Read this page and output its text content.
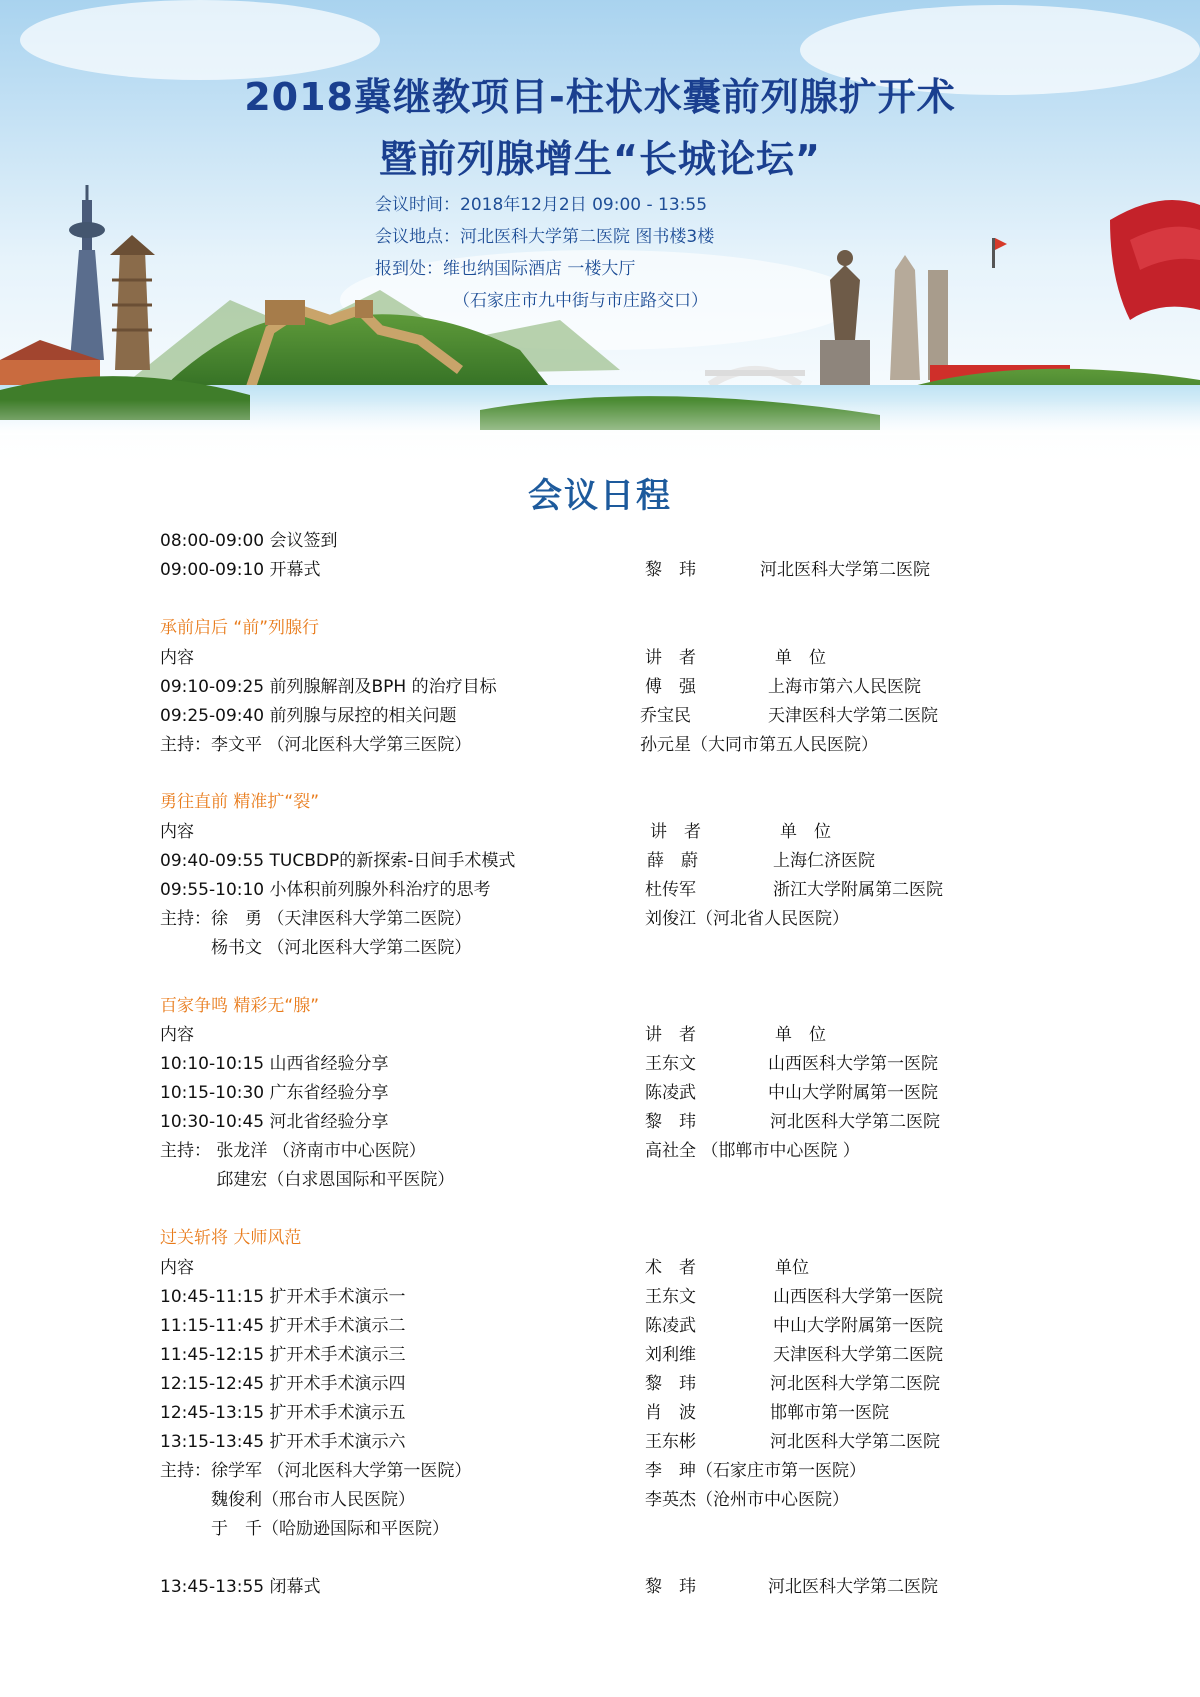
2018冀继教项目-柱状水囊前列腺扩开术
暨前列腺增生“长城论坛”
会议时间：2018年12月2日 09:00 - 13:55
会议地点：河北医科大学第二医院 图书楼3楼
报到处：维也纳国际酒店 一楼大厅
（石家庄市九中街与市庄路交口）
会议日程
08:00-09:00 会议签到
09:00-09:10 开幕式	黎　玮	河北医科大学第二医院
承前启后 “前”列腺行
内容	讲　者	单　位
09:10-09:25 前列腺解剖及BPH 的治疗目标	傅　强	上海市第六人民医院
09:25-09:40 前列腺与尿控的相关问题	乔宝民	天津医科大学第二医院
主持：李文平 （河北医科大学第三医院）	孙元星（大同市第五人民医院）
勇往直前 精准扩“裂”
内容	讲　者	单　位
09:40-09:55 TUCBDP的新探索-日间手术模式	薛　蔚	上海仁济医院
09:55-10:10 小体积前列腺外科治疗的思考	杜传军	浙江大学附属第二医院
主持：徐　勇 （天津医科大学第二医院）	刘俊江（河北省人民医院）
　　　杨书文 （河北医科大学第二医院）
百家争鸣 精彩无“腺”
内容	讲　者	单　位
10:10-10:15 山西省经验分享	王东文	山西医科大学第一医院
10:15-10:30 广东省经验分享	陈凌武	中山大学附属第一医院
10:30-10:45 河北省经验分享	黎　玮	河北医科大学第二医院
主持： 张龙洋 （济南市中心医院）	高社全 （邯郸市中心医院 ）
　　　 邱建宏（白求恩国际和平医院）
过关斩将 大师风范
内容	术　者	单位
10:45-11:15 扩开术手术演示一	王东文	山西医科大学第一医院
11:15-11:45 扩开术手术演示二	陈凌武	中山大学附属第一医院
11:45-12:15 扩开术手术演示三	刘利维	天津医科大学第二医院
12:15-12:45 扩开术手术演示四	黎　玮	河北医科大学第二医院
12:45-13:15 扩开术手术演示五	肖　波	邯郸市第一医院
13:15-13:45 扩开术手术演示六	王东彬	河北医科大学第二医院
主持：徐学军 （河北医科大学第一医院）	李　珅（石家庄市第一医院）
　　　魏俊利（邢台市人民医院）	李英杰（沧州市中心医院）
　　　于　千（哈励逊国际和平医院）
13:45-13:55 闭幕式	黎　玮	河北医科大学第二医院
